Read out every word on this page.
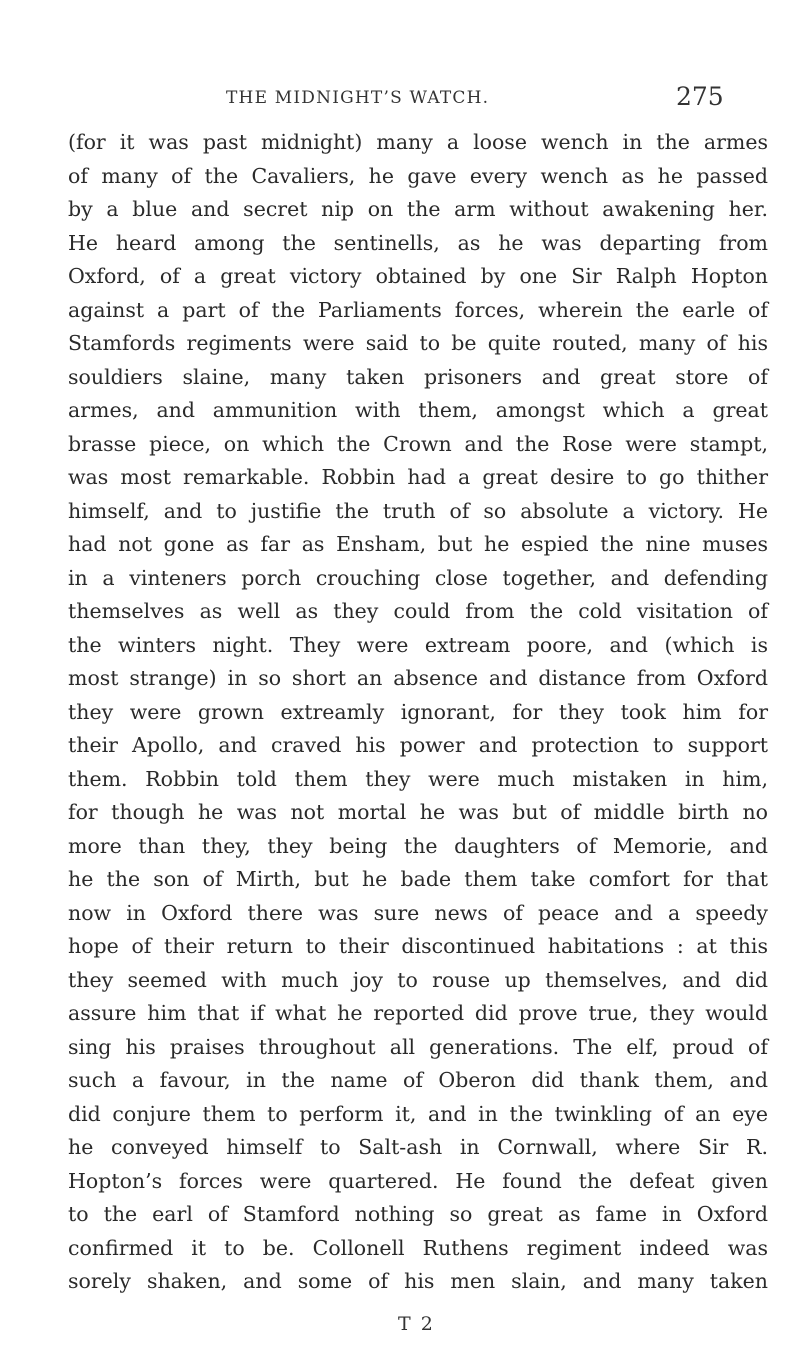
THE MIDNIGHT’S WATCH.	275
(for it was past midnight) many a loose wench in the armes
of many of the Cavaliers, he gave every wench as he passed
by a blue and secret nip on the arm without awakening her.
He heard among the sentinells, as he was departing from
Oxford, of a great victory obtained by one Sir Ralph Hopton
against a part of the Parliaments forces, wherein the earle of
Stamfords regiments were said to be quite routed, many of his
souldiers slaine, many taken prisoners and great store of
armes, and ammunition with them, amongst which a great
brasse piece, on which the Crown and the Rose were stampt,
was most remarkable. Robbin had a great desire to go thither
himself, and to justifie the truth of so absolute a victory. He
had not gone as far as Ensham, but he espied the nine muses
in a vinteners porch crouching close together, and defending
themselves as well as they could from the cold visitation of
the winters night. They were extream poore, and (which is
most strange) in so short an absence and distance from Oxford
they were grown extreamly ignorant, for they took him for
their Apollo, and craved his power and protection to support
them. Robbin told them they were much mistaken in him,
for though he was not mortal he was but of middle birth no
more than they, they being the daughters of Memorie, and
he the son of Mirth, but he bade them take comfort for that
now in Oxford there was sure news of peace and a speedy
hope of their return to their discontinued habitations : at this
they seemed with much joy to rouse up themselves, and did
assure him that if what he reported did prove true, they would
sing his praises throughout all generations. The elf, proud of
such a favour, in the name of Oberon did thank them, and
did conjure them to perform it, and in the twinkling of an eye
he conveyed himself to Salt-ash in Cornwall, where Sir R.
Hopton’s forces were quartered. He found the defeat given
to the earl of Stamford nothing so great as fame in Oxford
confirmed it to be. Collonell Ruthens regiment indeed was
sorely shaken, and some of his men slain, and many taken
T 2
